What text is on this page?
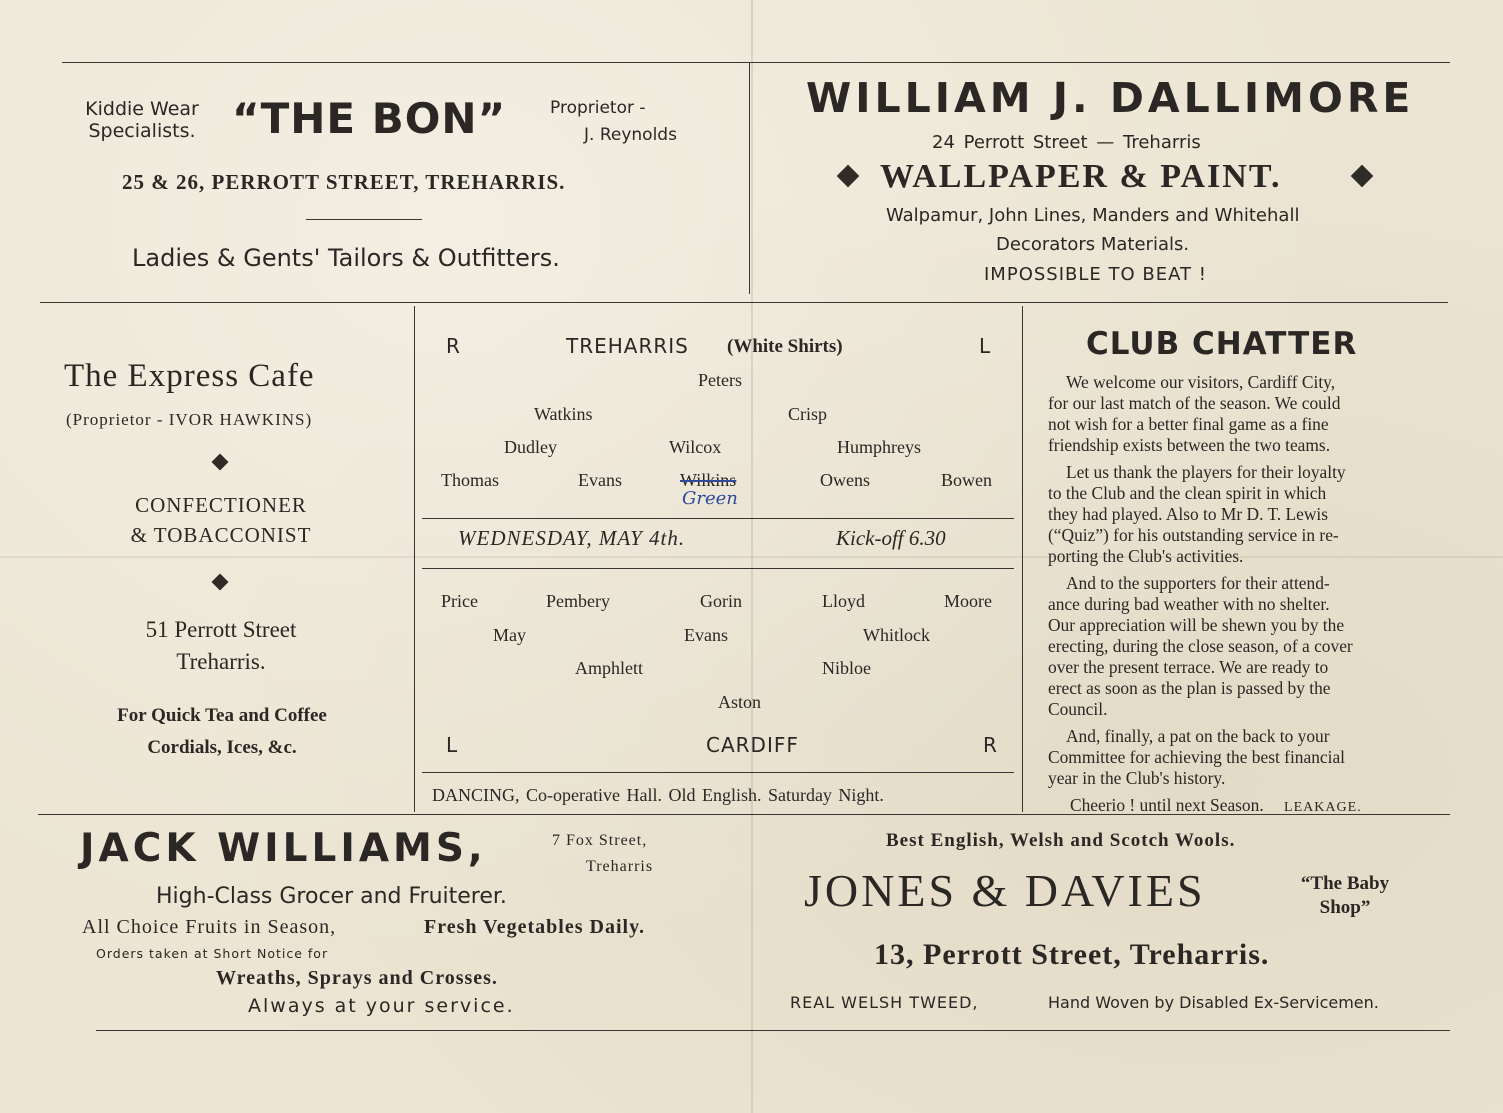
Kiddie Wear
Specialists. “THE BON”	Proprietor -
J. Reynolds
25 & 26, PERROTT STREET, TREHARRIS.
Ladies & Gents' Tailors & Outfitters.
WILLIAM J. DALLIMORE
24 Perrott Street — Treharris
WALLPAPER & PAINT.
Walpamur, John Lines, Manders and Whitehall
Decorators Materials.
IMPOSSIBLE TO BEAT !
The Express Cafe
(Proprietor - IVOR HAWKINS)
CONFECTIONER
& TOBACCONIST
51 Perrott Street
Treharris.
For Quick Tea and Coffee
Cordials, Ices, &c.
R	TREHARRIS (White Shirts)	L
Peters
Watkins	Crisp
Dudley	Wilcox	Humphreys
Thomas	Evans	Wilkins
Green
Owens	Bowen
WEDNESDAY, MAY 4th.	Kick-off 6.30
Price	Pembery	Gorin	Lloyd	Moore
May	Evans	Whitlock
Amphlett	Nibloe
Aston
L	CARDIFF	R
DANCING, Co-operative Hall. Old English. Saturday Night.
CLUB CHATTER
We welcome our visitors, Cardiff City,
for our last match of the season. We could
not wish for a better final game as a fine
friendship exists between the two teams.
Let us thank the players for their loyalty
to the Club and the clean spirit in which
they had played. Also to Mr D. T. Lewis
(“Quiz”) for his outstanding service in re-
porting the Club's activities.
And to the supporters for their attend-
ance during bad weather with no shelter.
Our appreciation will be shewn you by the
erecting, during the close season, of a cover
over the present terrace. We are ready to
erect as soon as the plan is passed by the
Council.
And, finally, a pat on the back to your
Committee for achieving the best financial
year in the Club's history.
Cheerio ! until next Season. LEAKAGE.
JACK WILLIAMS,	7 Fox Street,
Treharris
High-Class Grocer and Fruiterer.
All Choice Fruits in Season,	Fresh Vegetables Daily.
Orders taken at Short Notice for
Wreaths, Sprays and Crosses.
Always at your service.
Best English, Welsh and Scotch Wools.
JONES & DAVIES	“The Baby
Shop”
13, Perrott Street, Treharris.
REAL WELSH TWEED,	Hand Woven by Disabled Ex-Servicemen.
